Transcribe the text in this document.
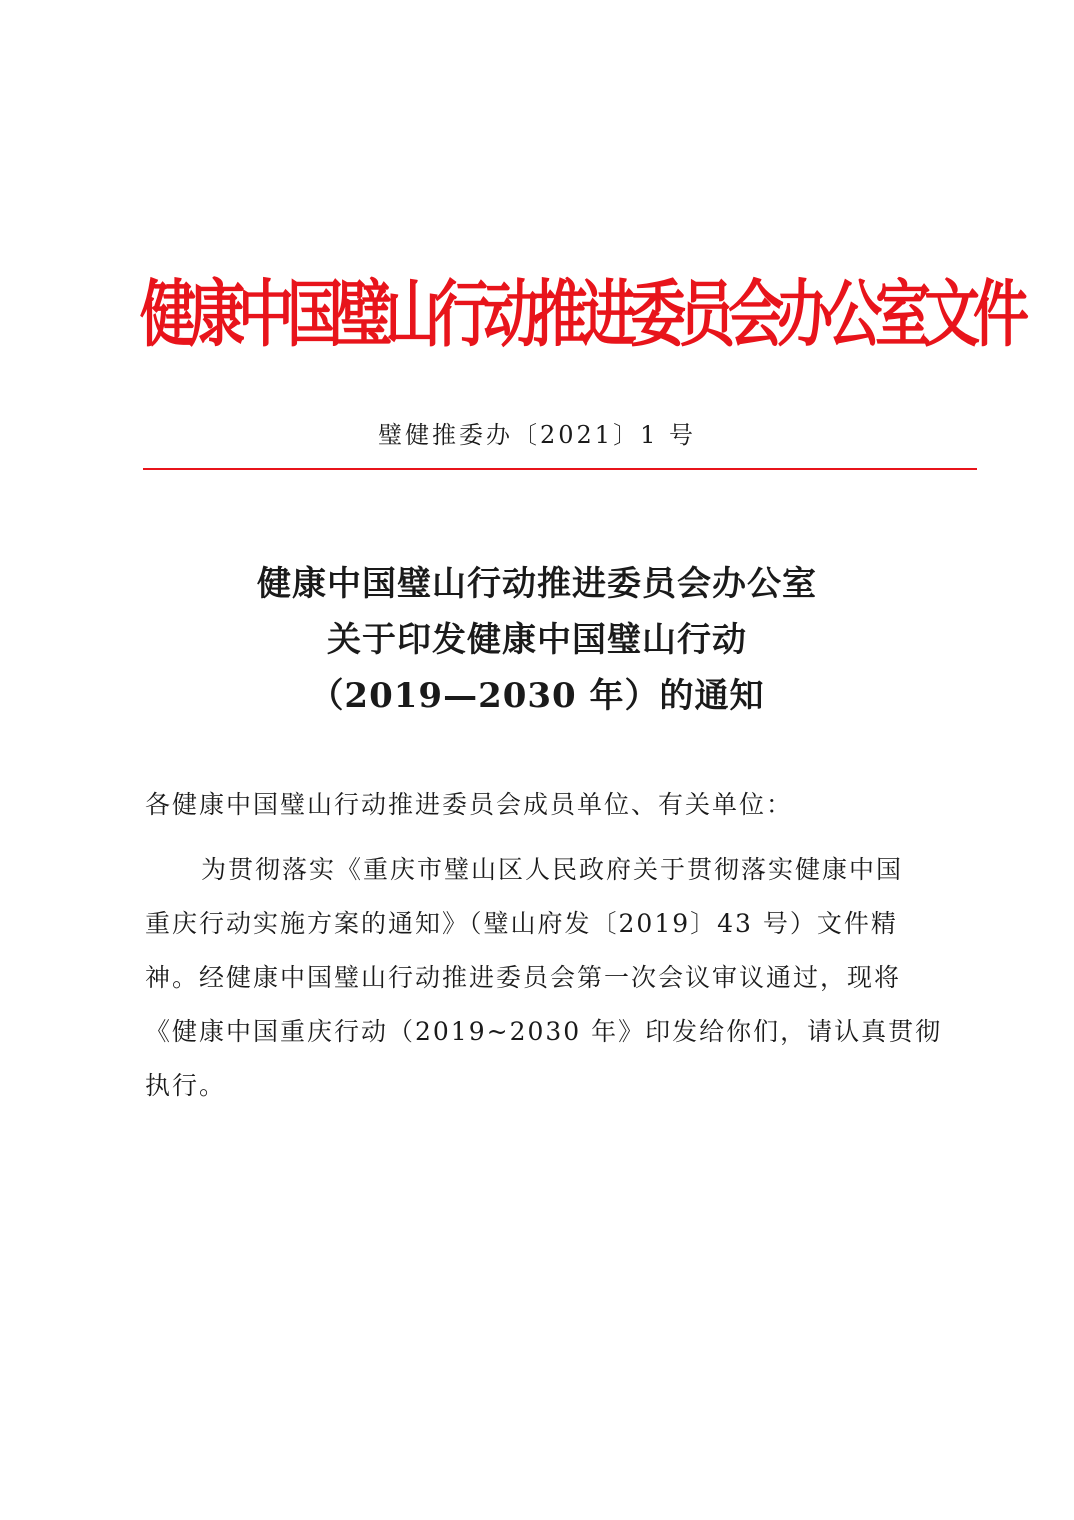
健康中国璧山行动推进委员会办公室文件
璧健推委办〔2021〕1 号
健康中国璧山行动推进委员会办公室
关于印发健康中国璧山行动
（2019—2030 年）的通知
各健康中国璧山行动推进委员会成员单位、有关单位：
为贯彻落实《重庆市璧山区人民政府关于贯彻落实健康中国
重庆行动实施方案的通知》（璧山府发〔2019〕43 号）文件精
神。经健康中国璧山行动推进委员会第一次会议审议通过，现将
《健康中国重庆行动（2019~2030 年》印发给你们，请认真贯彻
执行。
